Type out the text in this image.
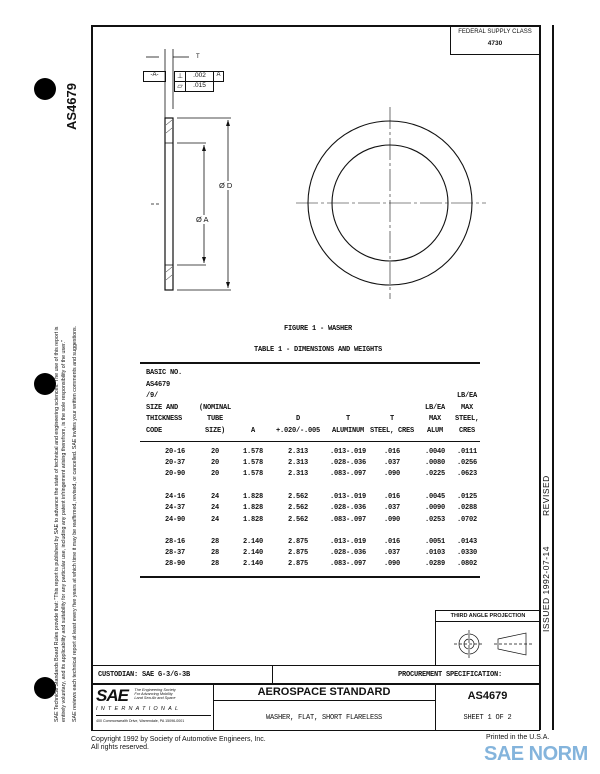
AS4679
SAE Technical Standards Board Rules provide that: "This report is published by SAE to advance the state of technical and engineering sciences. The use of this report is entirely voluntary, and its applicability and suitability for any particular use, including any patent infringement arising therefrom, is the sole responsibility of the user." SAE reviews each technical report at least every five years at which time it may be reaffirmed, revised, or cancelled. SAE invites your written comments and suggestions.
FEDERAL SUPPLY CLASS
4730
ISSUED 1992-07-14REVISED
-A-	⊥	.002	A
▱	.015
T
Ø D
Ø A
FIGURE 1 - WASHER
TABLE 1 - DIMENSIONS AND WEIGHTS
BASIC NO.
AS4679
/9/
SIZE AND
THICKNESS
CODE
(NOMINAL
TUBE
SIZE)	A
D
+.020/-.005
T
ALUMINUM
T
STEEL, CRES
LB/EA
MAX
ALUM
LB/EA
MAX
STEEL,
CRES
20-16	20	1.578	2.313	.013-.019	.016	.0040 .0111
20-37	20	1.578	2.313	.028-.036	.037	.0080 .0256
20-90	20	1.578	2.313	.083-.097	.090	.0225 .0623
24-16	24	1.828	2.562	.013-.019	.016	.0045 .0125
24-37	24	1.828	2.562	.028-.036	.037	.0090 .0288
24-90	24	1.828	2.562	.083-.097	.090	.0253 .0702
28-16	28	2.140	2.875	.013-.019	.016	.0051 .0143
28-37	28	2.140	2.875	.028-.036	.037	.0103 .0330
28-90	28	2.140	2.875	.083-.097	.090	.0289 .0802
THIRD ANGLE PROJECTION
CUSTODIAN: SAE G-3/G-3B	PROCUREMENT SPECIFICATION:
SAE The Engineering Society
For Advancing Mobility
Land Sea Air and Space
INTERNATIONAL
400 Commonwealth Drive, Warrendale, PA 15096-0001
AEROSPACE STANDARD	AS4679
WASHER, FLAT, SHORT FLARELESS	SHEET 1 OF 2
Copyright 1992 by Society of Automotive Engineers, Inc.
All rights reserved.
Printed in the U.S.A.
SAE NORM
